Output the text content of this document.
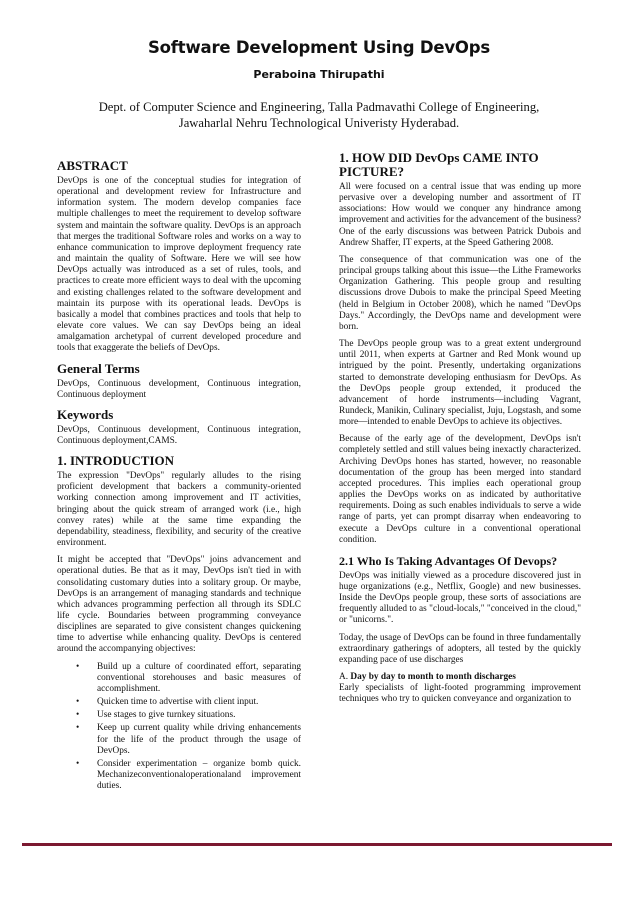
Software Development Using DevOps
Peraboina Thirupathi
Dept. of Computer Science and Engineering, Talla Padmavathi College of Engineering,
Jawaharlal Nehru Technological Univeristy Hyderabad.
ABSTRACT

DevOps is one of the conceptual studies for integration of operational and development review for Infrastructure and information system. The modern develop companies face multiple challenges to meet the requirement to develop software system and maintain the software quality. DevOps is an approach that merges the traditional Software roles and works on a way to enhance communication to improve deployment frequency rate and maintain the quality of Software. Here we will see how DevOps actually was introduced as a set of rules, tools, and practices to create more efficient ways to deal with the upcoming and existing challenges related to the software development and maintain its purpose with its operational leads. DevOps is basically a model that combines practices and tools that help to elevate core values. We can say DevOps being an ideal amalgamation archetypal of current developed procedure and tools that exaggerate the beliefs of DevOps.

General Terms

DevOps, Continuous development, Continuous integration, Continuous deployment

Keywords

DevOps, Continuous development, Continuous integration, Continuous deployment,CAMS.

1. INTRODUCTION

The expression "DevOps" regularly alludes to the rising proficient development that backers a community-oriented working connection among improvement and IT activities, bringing about the quick stream of arranged work (i.e., high convey rates) while at the same time expanding the dependability, steadiness, flexibility, and security of the creative environment.

It might be accepted that "DevOps" joins advancement and operational duties. Be that as it may, DevOps isn't tied in with consolidating customary duties into a solitary group. Or maybe, DevOps is an arrangement of managing standards and technique which advances programming perfection all through its SDLC life cycle. Boundaries between programming conveyance disciplines are separated to give consistent changes quickening time to advertise while enhancing quality. DevOps is centered around the accompanying objectives:

• Build up a culture of coordinated effort, separating conventional storehouses and basic measures of accomplishment.
• Quicken time to advertise with client input.
• Use stages to give turnkey situations.
• Keep up current quality while driving enhancements for the life of the product through the usage of DevOps.
• Consider experimentation – organize bomb quick. Mechanizeconventionaloperationaland improvement duties.
1. HOW DID DevOps CAME INTO PICTURE?

All were focused on a central issue that was ending up more pervasive over a developing number and assortment of IT associations: How would we conquer any hindrance among improvement and activities for the advancement of the business? One of the early discussions was between Patrick Dubois and Andrew Shaffer, IT experts, at the Speed Gathering 2008.

The consequence of that communication was one of the principal groups talking about this issue—the Lithe Frameworks Organization Gathering. This people group and resulting discussions drove Dubois to make the principal Speed Meeting (held in Belgium in October 2008), which he named "DevOps Days." Accordingly, the DevOps name and development were born.

The DevOps people group was to a great extent underground until 2011, when experts at Gartner and Red Monk wound up intrigued by the point. Presently, undertaking organizations started to demonstrate developing enthusiasm for DevOps. As the DevOps people group extended, it produced the advancement of horde instruments—including Vagrant, Rundeck, Manikin, Culinary specialist, Juju, Logstash, and some more—intended to enable DevOps to achieve its objectives.

Because of the early age of the development, DevOps isn't completely settled and still values being inexactly characterized. Archiving DevOps hones has started, however, no reasonable documentation of the group has been merged into standard accepted procedures. This implies each operational group applies the DevOps works on as indicated by authoritative requirements. Doing as such enables individuals to serve a wide range of parts, yet can prompt disarray when endeavoring to execute a DevOps culture in a conventional operational condition.

2.1 Who Is Taking Advantages Of Devops?

DevOps was initially viewed as a procedure discovered just in huge organizations (e.g., Netflix, Google) and new businesses. Inside the DevOps people group, these sorts of associations are frequently alluded to as "cloud-locals," "conceived in the cloud," or "unicorns.".

Today, the usage of DevOps can be found in three fundamentally extraordinary gatherings of adopters, all tested by the quickly expanding pace of use discharges

A. Day by day to month to month discharges

Early specialists of light-footed programming improvement techniques who try to quicken conveyance and organization to
